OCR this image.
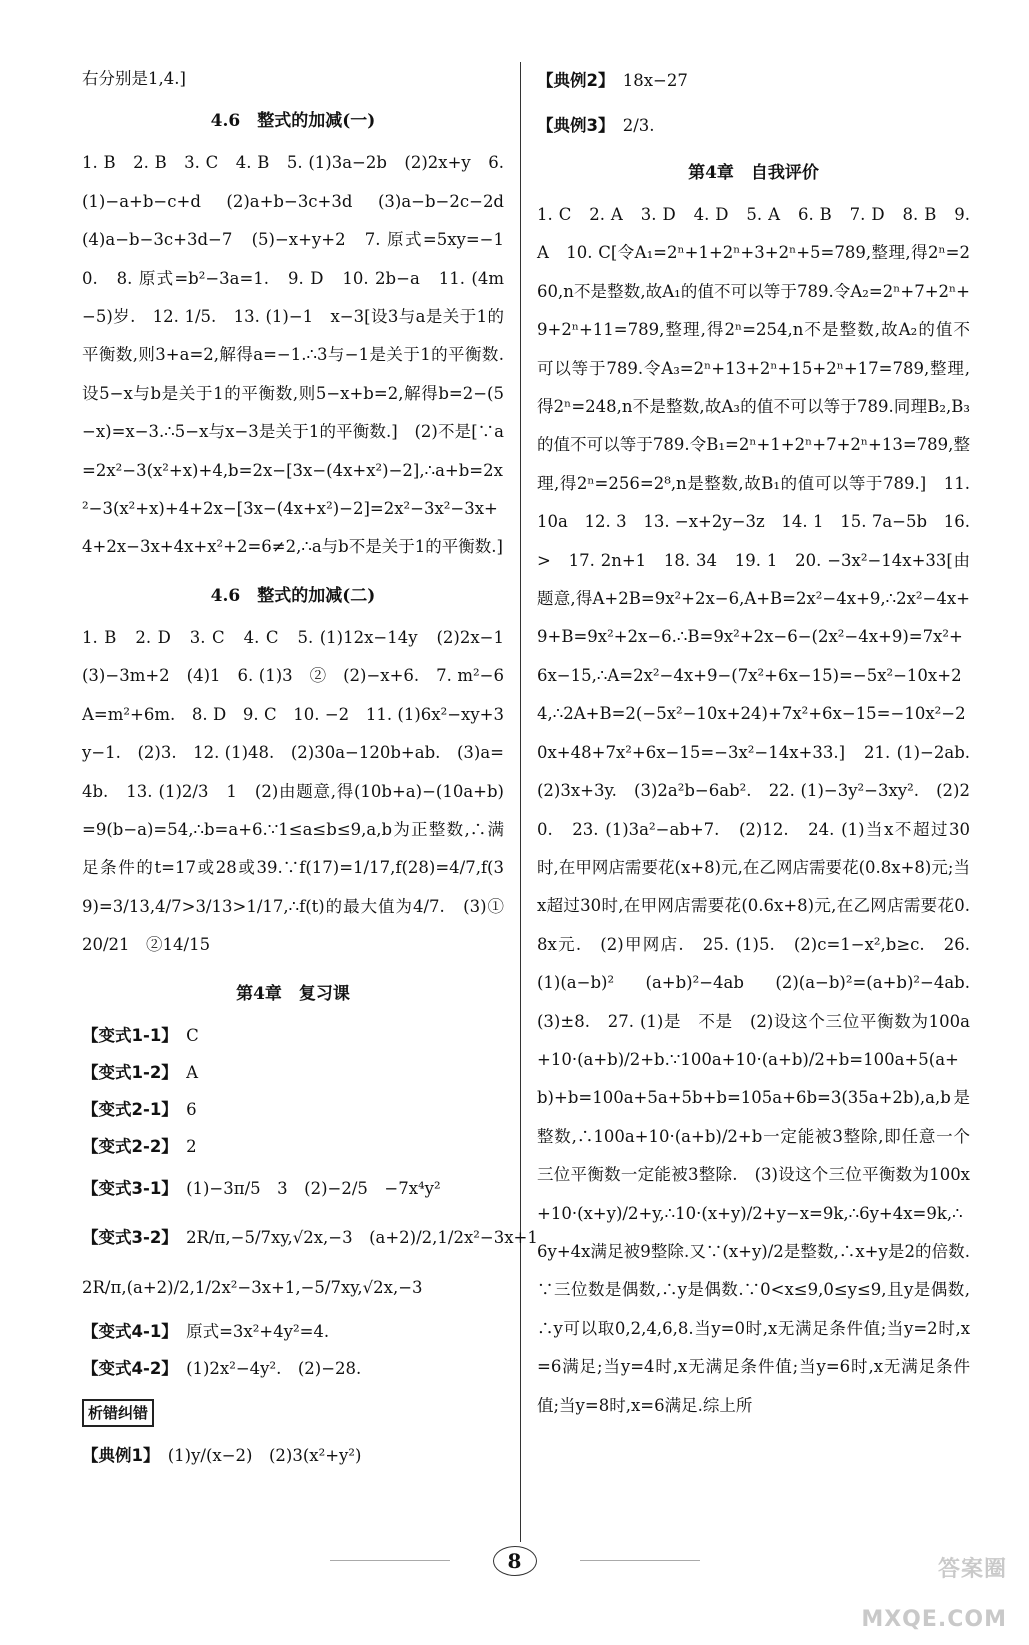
右分别是1,4.]

4.6　整式的加减(一)

1. B　2. B　3. C　4. B　5. (1)3a−2b　(2)2x+y　6. (1)−a+b−c+d　(2)a+b−3c+3d　(3)a−b−2c−2d　(4)a−b−3c+3d−7　(5)−x+y+2　7. 原式=5xy=−10.　8. 原式=b²−3a=1.　9. D　10. 2b−a　11. (4m−5)岁.　12. 1/5.　13. (1)−1　x−3[设3与a是关于1的平衡数,则3+a=2,解得a=−1.∴3与−1是关于1的平衡数.设5−x与b是关于1的平衡数,则5−x+b=2,解得b=2−(5−x)=x−3.∴5−x与x−3是关于1的平衡数.]　(2)不是[∵a=2x²−3(x²+x)+4,b=2x−[3x−(4x+x²)−2],∴a+b=2x²−3(x²+x)+4+2x−[3x−(4x+x²)−2]=2x²−3x²−3x+4+2x−3x+4x+x²+2=6≠2,∴a与b不是关于1的平衡数.]

4.6　整式的加减(二)

1. B　2. D　3. C　4. C　5. (1)12x−14y　(2)2x−1　(3)−3m+2　(4)1　6. (1)3　②　(2)−x+6.　7. m²−6　A=m²+6m.　8. D　9. C　10. −2　11. (1)6x²−xy+3y−1.　(2)3.　12. (1)48.　(2)30a−120b+ab.　(3)a=4b.　13. (1)2/3　1　(2)由题意,得(10b+a)−(10a+b)=9(b−a)=54,∴b=a+6.∵1≤a≤b≤9,a,b为正整数,∴满足条件的t=17或28或39.∵f(17)=1/17,f(28)=4/7,f(39)=3/13,4/7>3/13>1/17,∴f(t)的最大值为4/7.　(3)①20/21　②14/15

第4章　复习课

【变式1-1】　 C

【变式1-2】　 A

【变式2-1】　 6

【变式2-2】　 2

【变式3-1】　 (1)−3π/5　3　(2)−2/5　−7x⁴y²

【变式3-2】　 2R/π,−5/7xy,√2x,−3　(a+2)/2,1/2x²−3x+1

2R/π,(a+2)/2,1/2x²−3x+1,−5/7xy,√2x,−3

【变式4-1】　 原式=3x²+4y²=4.

【变式4-2】　 (1)2x²−4y².　(2)−28.

析错纠错

【典例1】　 (1)y/(x−2)　(2)3(x²+y²)

【典例2】　 18x−27

【典例3】　 2/3.

第4章　自我评价

1. C　2. A　3. D　4. D　5. A　6. B　7. D　8. B　9. A　10. C[令A₁=2ⁿ+1+2ⁿ+3+2ⁿ+5=789,整理,得2ⁿ=260,n不是整数,故A₁的值不可以等于789.令A₂=2ⁿ+7+2ⁿ+9+2ⁿ+11=789,整理,得2ⁿ=254,n不是整数,故A₂的值不可以等于789.令A₃=2ⁿ+13+2ⁿ+15+2ⁿ+17=789,整理,得2ⁿ=248,n不是整数,故A₃的值不可以等于789.同理B₂,B₃的值不可以等于789.令B₁=2ⁿ+1+2ⁿ+7+2ⁿ+13=789,整理,得2ⁿ=256=2⁸,n是整数,故B₁的值可以等于789.]　11. 10a　12. 3　13. −x+2y−3z　14. 1　15. 7a−5b　16. >　17. 2n+1　18. 34　19. 1　20. −3x²−14x+33[由题意,得A+2B=9x²+2x−6,A+B=2x²−4x+9,∴2x²−4x+9+B=9x²+2x−6.∴B=9x²+2x−6−(2x²−4x+9)=7x²+6x−15,∴A=2x²−4x+9−(7x²+6x−15)=−5x²−10x+24,∴2A+B=2(−5x²−10x+24)+7x²+6x−15=−10x²−20x+48+7x²+6x−15=−3x²−14x+33.]　21. (1)−2ab.　(2)3x+3y.　(3)2a²b−6ab².　22. (1)−3y²−3xy².　(2)20.　23. (1)3a²−ab+7.　(2)12.　24. (1)当x不超过30时,在甲网店需要花(x+8)元,在乙网店需要花(0.8x+8)元;当x超过30时,在甲网店需要花(0.6x+8)元,在乙网店需要花0.8x元.　(2)甲网店.　25. (1)5.　(2)c=1−x²,b≥c.　26. (1)(a−b)²　(a+b)²−4ab　(2)(a−b)²=(a+b)²−4ab.　(3)±8.　27. (1)是　不是　(2)设这个三位平衡数为100a+10·(a+b)/2+b.∵100a+10·(a+b)/2+b=100a+5(a+b)+b=100a+5a+5b+b=105a+6b=3(35a+2b),a,b是整数,∴100a+10·(a+b)/2+b一定能被3整除,即任意一个三位平衡数一定能被3整除.　(3)设这个三位平衡数为100x+10·(x+y)/2+y,∴10·(x+y)/2+y−x=9k,∴6y+4x=9k,∴6y+4x满足被9整除.又∵(x+y)/2是整数,∴x+y是2的倍数.∵三位数是偶数,∴y是偶数.∵0<x≤9,0≤y≤9,且y是偶数,∴y可以取0,2,4,6,8.当y=0时,x无满足条件值;当y=2时,x=6满足;当y=4时,x无满足条件值;当y=6时,x无满足条件值;当y=8时,x=6满足.综上所

8	答案圈 MXQE.COM
